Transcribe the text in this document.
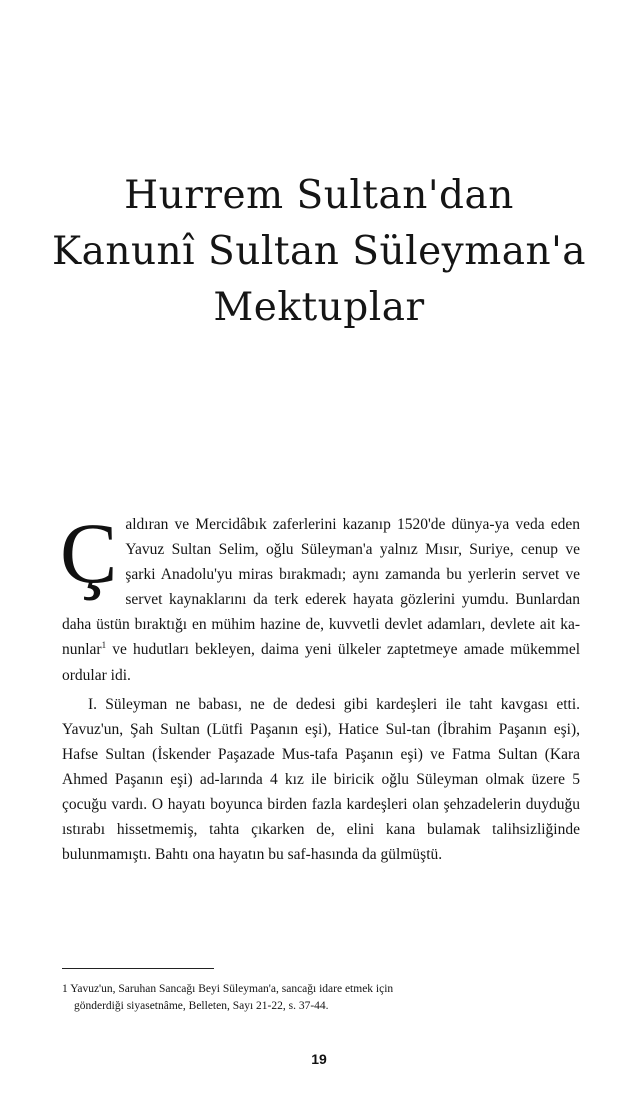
Hurrem Sultan'dan
Kanunî Sultan Süleyman'a
Mektuplar

Çaldıran ve Mercidâbık zaferlerini kazanıp 1520'de dünya-ya veda eden Yavuz Sultan Selim, oğlu Süleyman'a yalnız Mısır, Suriye, cenup ve şarki Anadolu'yu miras bırakmadı; aynı zamanda bu yerlerin servet ve servet kaynaklarını da terk ederek hayata gözlerini yumdu. Bunlardan daha üstün bıraktığı en mühim hazine de, kuvvetli devlet adamları, devlete ait ka-nunlar$^1$ ve hudutları bekleyen, daima yeni ülkeler zaptetmeye amade mükemmel ordular idi.

I. Süleyman ne babası, ne de dedesi gibi kardeşleri ile taht kavgası etti. Yavuz'un, Şah Sultan (Lütfi Paşanın eşi), Hatice Sul-tan (İbrahim Paşanın eşi), Hafse Sultan (İskender Paşazade Mus-tafa Paşanın eşi) ve Fatma Sultan (Kara Ahmed Paşanın eşi) ad-larında 4 kız ile biricik oğlu Süleyman olmak üzere 5 çocuğu vardı. O hayatı boyunca birden fazla kardeşleri olan şehzadelerin duyduğu ıstırabı hissetmemiş, tahta çıkarken de, elini kana bulamak talihsizliğinde bulunmamıştı. Bahtı ona hayatın bu saf-hasında da gülmüştü.

1 Yavuz'un, Saruhan Sancağı Beyi Süleyman'a, sancağı idare etmek için
gönderdiği siyasetnâme, Belleten, Sayı 21-22, s. 37-44.
19
